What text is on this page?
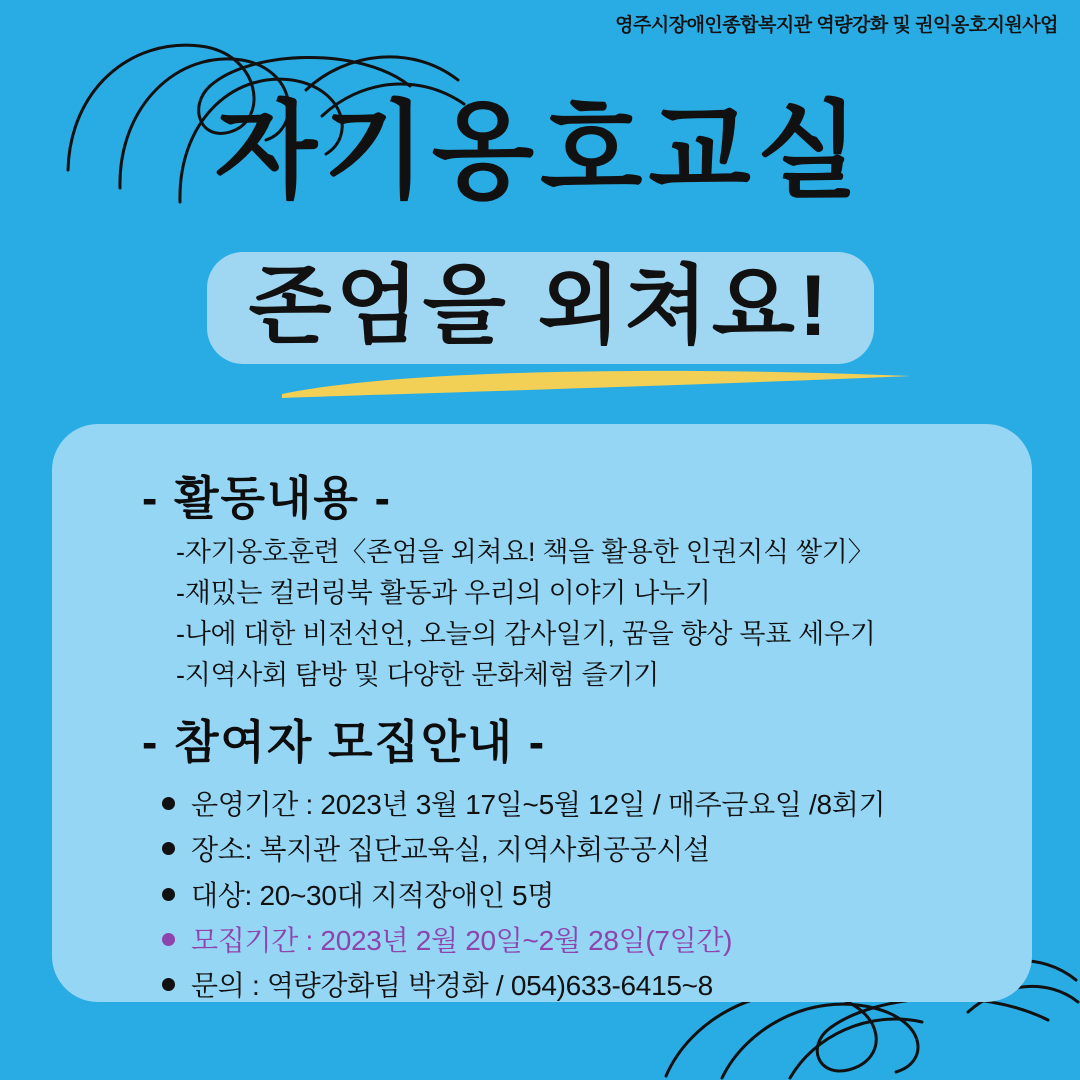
영주시장애인종합복지관 역량강화 및 권익옹호지원사업
자기옹호교실
존엄을 외쳐요!
- 활동내용 -
-자기옹호훈련〈존엄을 외쳐요! 책을 활용한 인권지식 쌓기〉
-재밌는 컬러링북 활동과 우리의 이야기 나누기
-나에 대한 비전선언, 오늘의 감사일기, 꿈을 향상 목표 세우기
-지역사회 탐방 및 다양한 문화체험 즐기기
- 참여자 모집안내 -
운영기간 : 2023년 3월 17일~5월 12일 / 매주금요일 /8회기
장소: 복지관 집단교육실, 지역사회공공시설
대상: 20~30대 지적장애인 5명
모집기간 : 2023년 2월 20일~2월 28일(7일간)
문의 : 역량강화팀 박경화 / 054)633-6415~8
